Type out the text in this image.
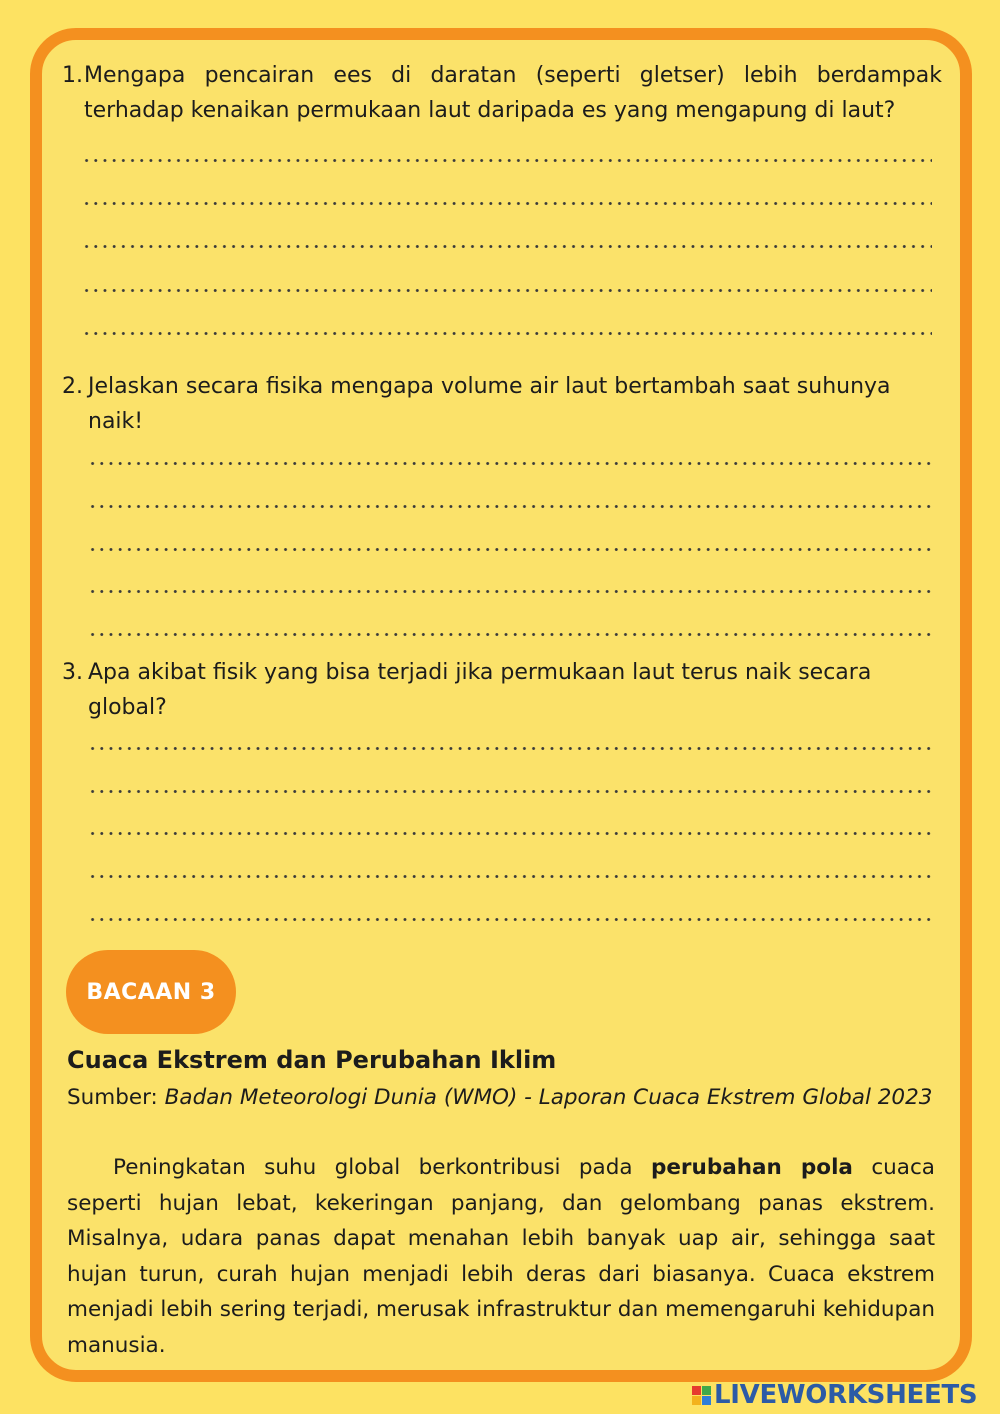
1. Mengapa pencairan ees di daratan (seperti gletser) lebih berdampak terhadap kenaikan permukaan laut daripada es yang mengapung di laut?
2. Jelaskan secara fisika mengapa volume air laut bertambah saat suhunya naik!
3. Apa akibat fisik yang bisa terjadi jika permukaan laut terus naik secara global?
BACAAN 3
Cuaca Ekstrem dan Perubahan Iklim
Sumber: Badan Meteorologi Dunia (WMO) - Laporan Cuaca Ekstrem Global 2023
Peningkatan suhu global berkontribusi pada perubahan pola cuaca seperti hujan lebat, kekeringan panjang, dan gelombang panas ekstrem. Misalnya, udara panas dapat menahan lebih banyak uap air, sehingga saat hujan turun, curah hujan menjadi lebih deras dari biasanya. Cuaca ekstrem menjadi lebih sering terjadi, merusak infrastruktur dan memengaruhi kehidupan manusia.
LIVEWORKSHEETS
